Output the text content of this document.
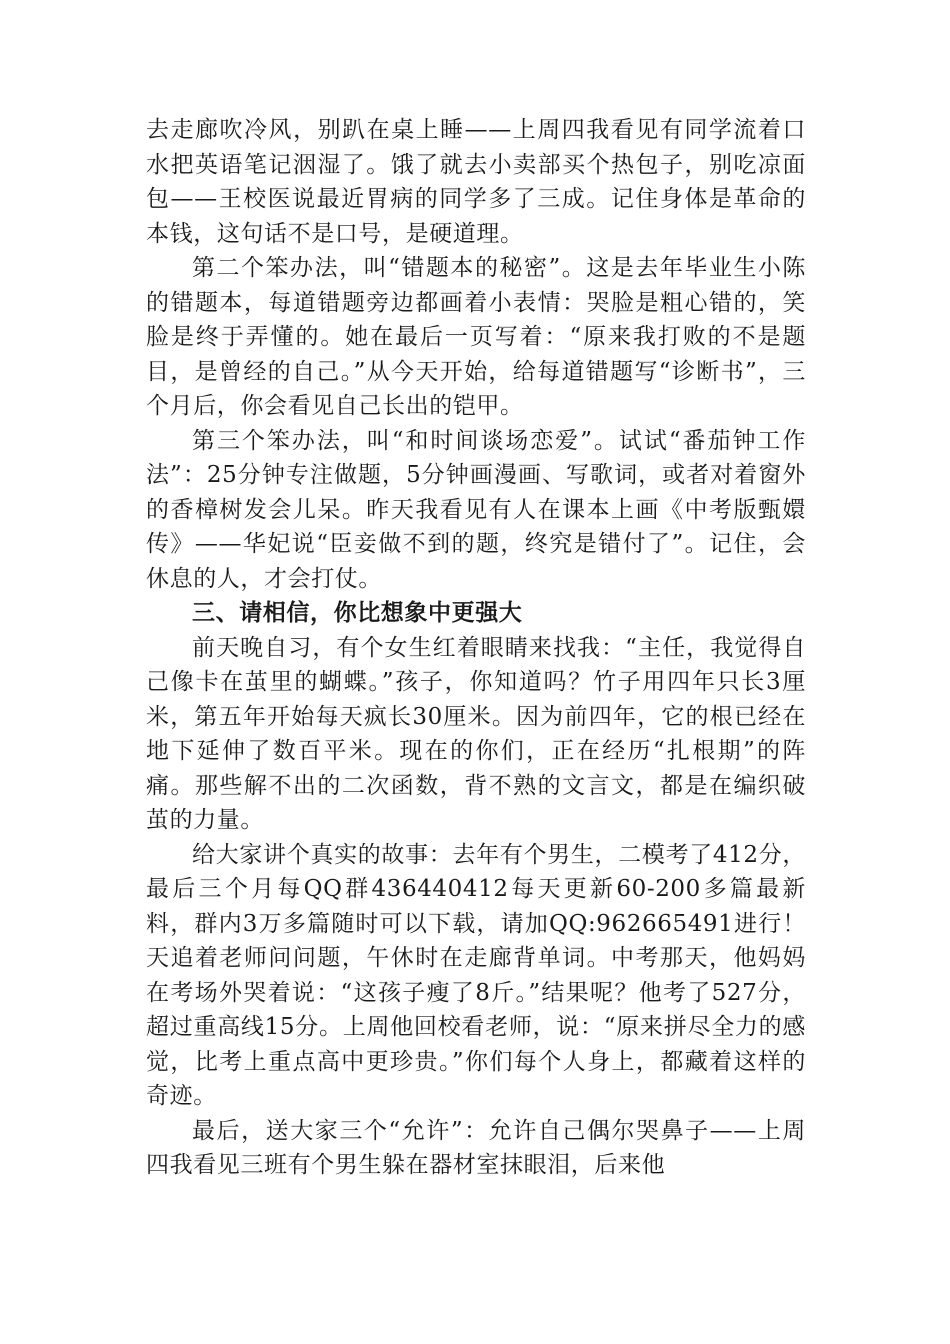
去走廊吹冷风，别趴在桌上睡——上周四我看见有同学流着口水把英语笔记洇湿了。饿了就去小卖部买个热包子，别吃凉面包——王校医说最近胃病的同学多了三成。记住身体是革命的本钱，这句话不是口号，是硬道理。

第二个笨办法，叫“错题本的秘密”。这是去年毕业生小陈的错题本，每道错题旁边都画着小表情：哭脸是粗心错的，笑脸是终于弄懂的。她在最后一页写着：“原来我打败的不是题目，是曾经的自己。”从今天开始，给每道错题写“诊断书”，三个月后，你会看见自己长出的铠甲。

第三个笨办法，叫“和时间谈场恋爱”。试试“番茄钟工作法”：25分钟专注做题，5分钟画漫画、写歌词，或者对着窗外的香樟树发会儿呆。昨天我看见有人在课本上画《中考版甄嬛传》——华妃说“臣妾做不到的题，终究是错付了”。记住，会休息的人，才会打仗。

三、请相信，你比想象中更强大

前天晚自习，有个女生红着眼睛来找我：“主任，我觉得自己像卡在茧里的蝴蝶。”孩子，你知道吗？竹子用四年只长3厘米，第五年开始每天疯长30厘米。因为前四年，它的根已经在地下延伸了数百平米。现在的你们，正在经历“扎根期”的阵痛。那些解不出的二次函数，背不熟的文言文，都是在编织破茧的力量。

给大家讲个真实的故事：去年有个男生，二模考了412分，最后三个月每QQ群436440412每天更新60-200多篇最新料，群内3万多篇随时可以下载，请加QQ:962665491进行！天追着老师问问题，午休时在走廊背单词。中考那天，他妈妈在考场外哭着说：“这孩子瘦了8斤。”结果呢？他考了527分，超过重高线15分。上周他回校看老师，说：“原来拼尽全力的感觉，比考上重点高中更珍贵。”你们每个人身上，都藏着这样的奇迹。

最后，送大家三个“允许”：允许自己偶尔哭鼻子——上周四我看见三班有个男生躲在器材室抹眼泪，后来他
